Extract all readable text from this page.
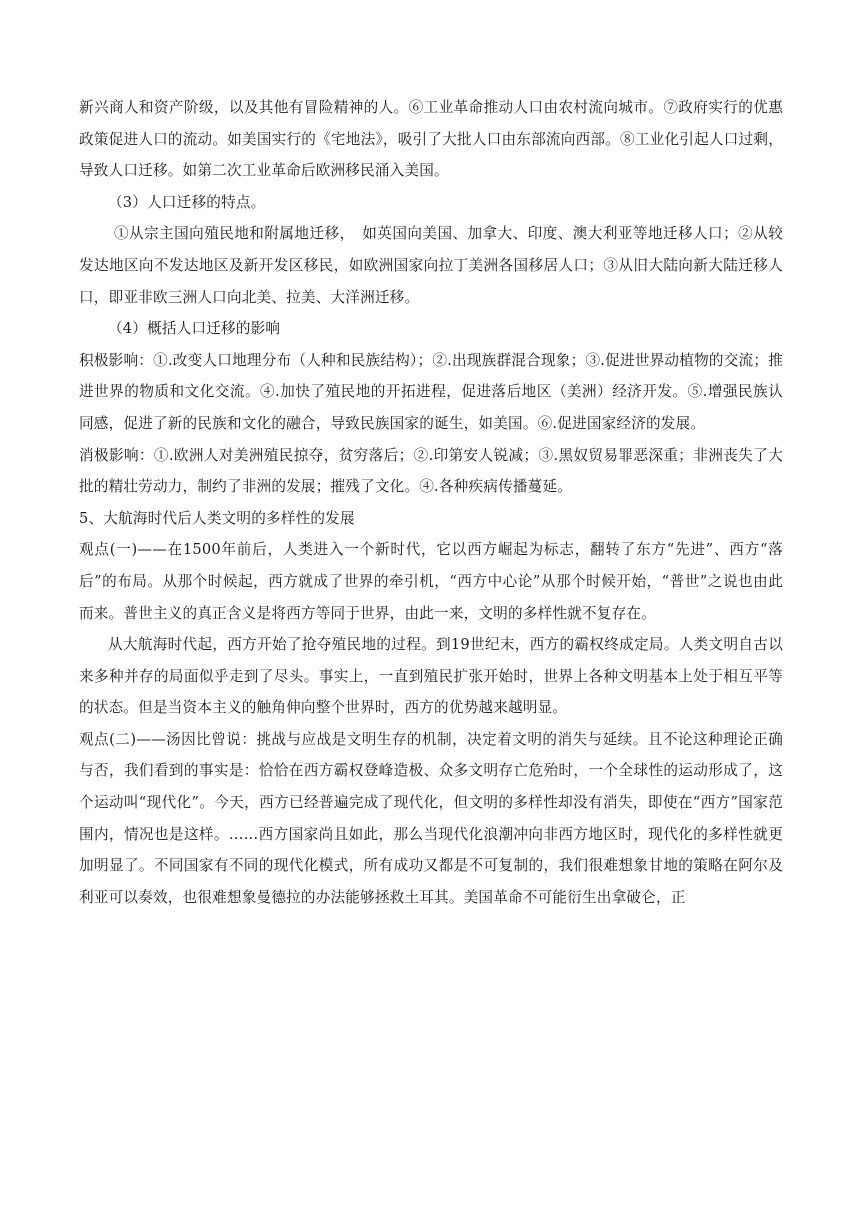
新兴商人和资产阶级，以及其他有冒险精神的人。⑥工业革命推动人口由农村流向城市。⑦政府实行的优惠政策促进人口的流动。如美国实行的《宅地法》，吸引了大批人口由东部流向西部。⑧工业化引起人口过剩，导致人口迁移。如第二次工业革命后欧洲移民涌入美国。

（3）人口迁移的特点。

①从宗主国向殖民地和附属地迁移，　如英国向美国、加拿大、印度、澳大利亚等地迁移人口；②从较发达地区向不发达地区及新开发区移民，如欧洲国家向拉丁美洲各国移居人口；③从旧大陆向新大陆迁移人口，即亚非欧三洲人口向北美、拉美、大洋洲迁移。

（4）概括人口迁移的影响

积极影响：①.改变人口地理分布（人种和民族结构）；②.出现族群混合现象；③.促进世界动植物的交流；推进世界的物质和文化交流。④.加快了殖民地的开拓进程，促进落后地区（美洲）经济开发。⑤.增强民族认同感，促进了新的民族和文化的融合，导致民族国家的诞生，如美国。⑥.促进国家经济的发展。

消极影响：①.欧洲人对美洲殖民掠夺，贫穷落后；②.印第安人锐减；③.黑奴贸易罪恶深重；非洲丧失了大批的精壮劳动力，制约了非洲的发展；摧残了文化。④.各种疾病传播蔓延。

5、大航海时代后人类文明的多样性的发展

观点(一)——在1500年前后，人类进入一个新时代，它以西方崛起为标志，翻转了东方“先进”、西方“落后”的布局。从那个时候起，西方就成了世界的牵引机，“西方中心论”从那个时候开始，“普世”之说也由此而来。普世主义的真正含义是将西方等同于世界，由此一来，文明的多样性就不复存在。

从大航海时代起，西方开始了抢夺殖民地的过程。到19世纪末，西方的霸权终成定局。人类文明自古以来多种并存的局面似乎走到了尽头。事实上，一直到殖民扩张开始时，世界上各种文明基本上处于相互平等的状态。但是当资本主义的触角伸向整个世界时，西方的优势越来越明显。

观点(二)——汤因比曾说：挑战与应战是文明生存的机制，决定着文明的消失与延续。且不论这种理论正确与否，我们看到的事实是：恰恰在西方霸权登峰造极、众多文明存亡危殆时，一个全球性的运动形成了，这个运动叫“现代化”。今天，西方已经普遍完成了现代化，但文明的多样性却没有消失，即使在“西方”国家范围内，情况也是这样。……西方国家尚且如此，那么当现代化浪潮冲向非西方地区时，现代化的多样性就更加明显了。不同国家有不同的现代化模式，所有成功又都是不可复制的，我们很难想象甘地的策略在阿尔及利亚可以奏效，也很难想象曼德拉的办法能够拯救土耳其。美国革命不可能衍生出拿破仑，正
